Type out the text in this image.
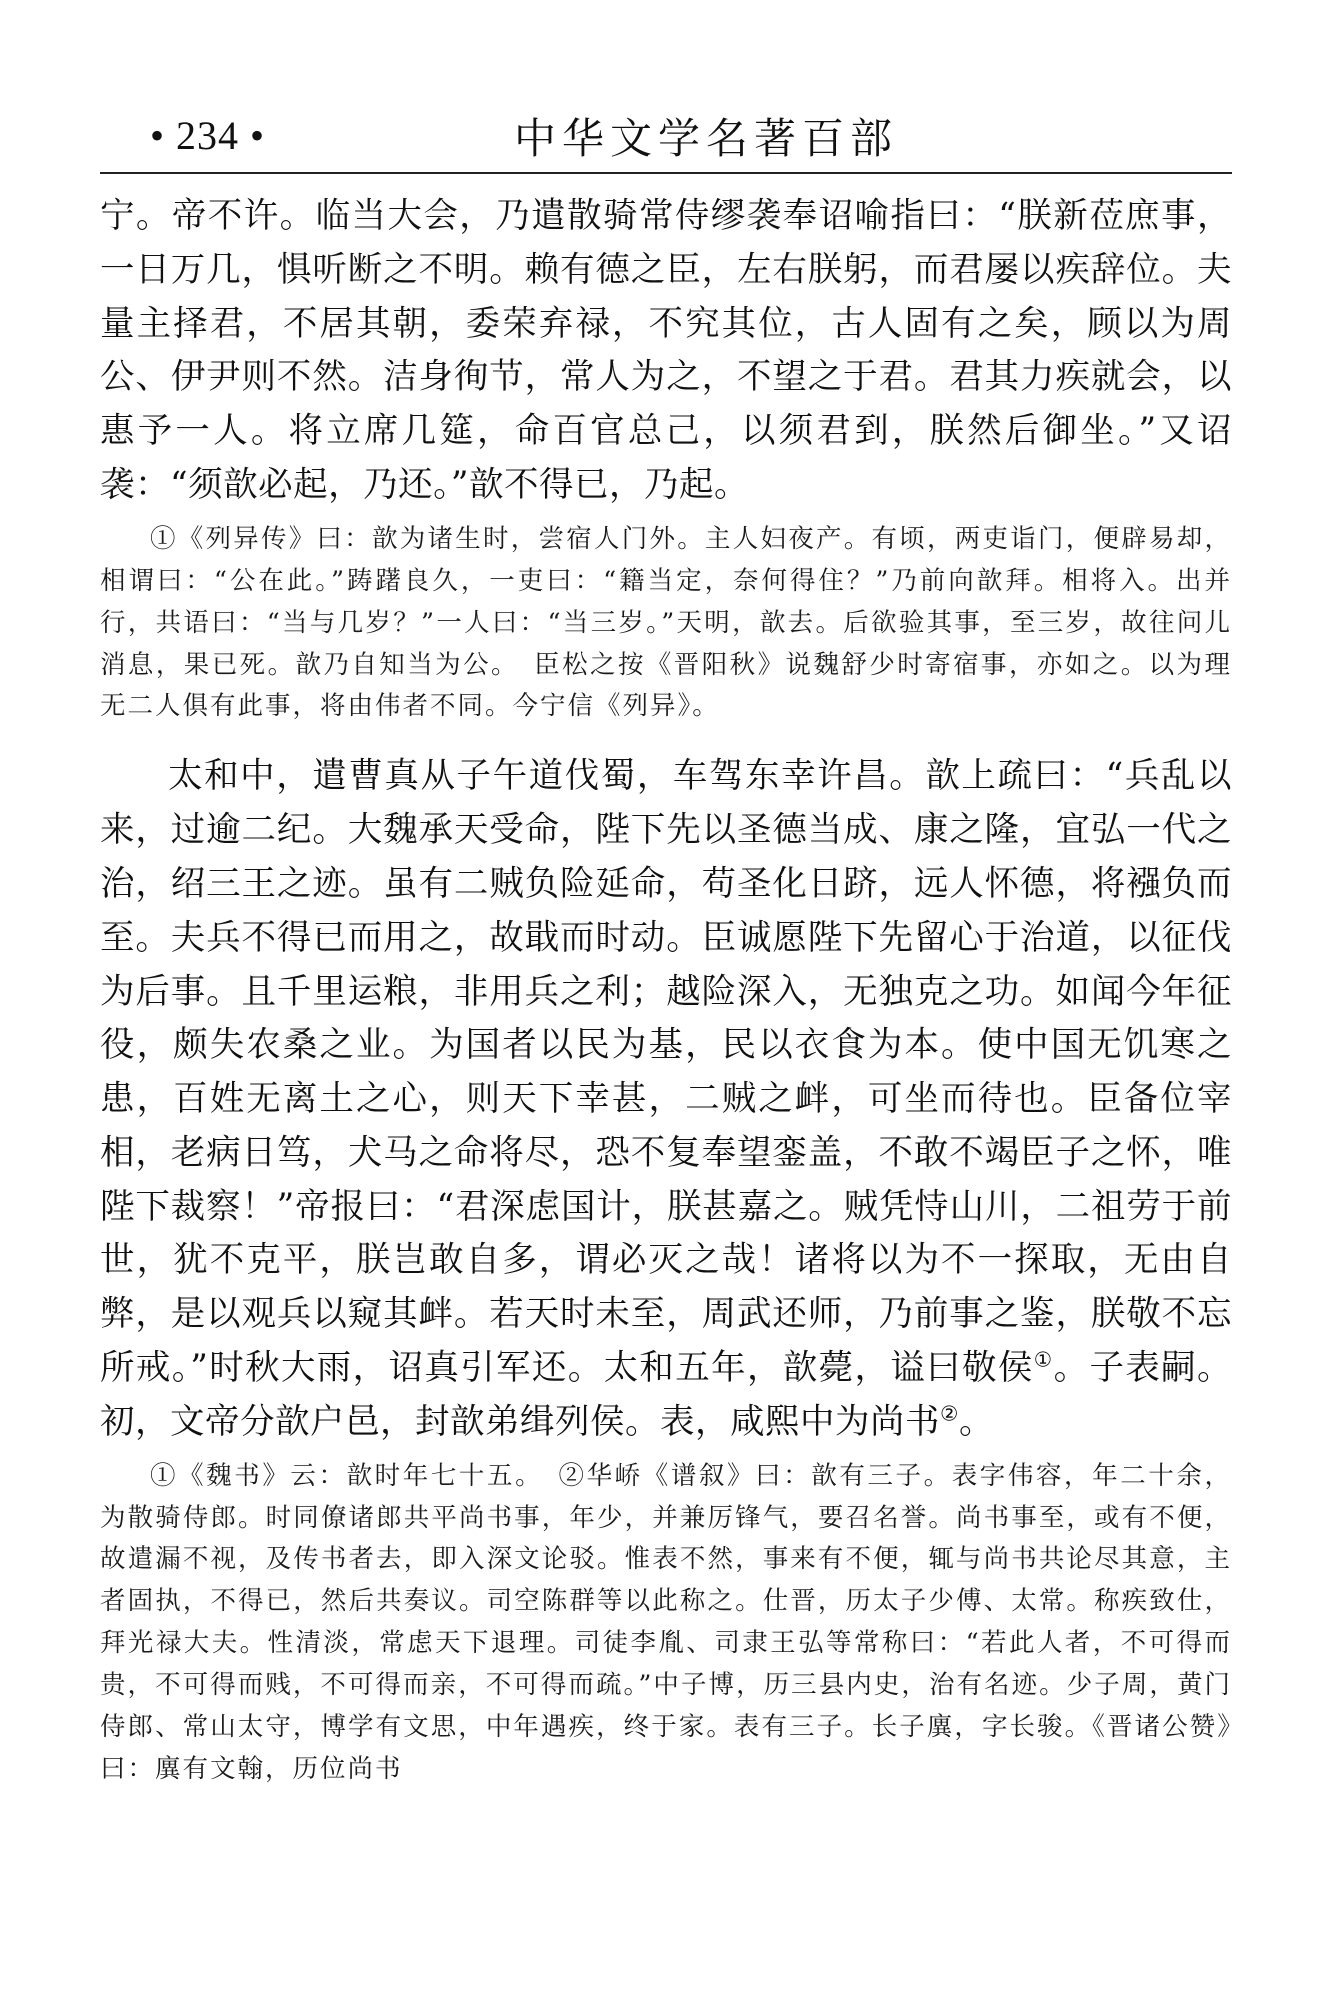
• 234 •	中华文学名著百部

宁。帝不许。临当大会，乃遣散骑常侍缪袭奉诏喻指曰：“朕新莅庶事，一日万几，惧听断之不明。赖有德之臣，左右朕躬，而君屡以疾辞位。夫量主择君，不居其朝，委荣弃禄，不究其位，古人固有之矣，顾以为周公、伊尹则不然。洁身徇节，常人为之，不望之于君。君其力疾就会，以惠予一人。将立席几筵，命百官总己，以须君到，朕然后御坐。”又诏袭：“须歆必起，乃还。”歆不得已，乃起。

①《列异传》曰：歆为诸生时，尝宿人门外。主人妇夜产。有顷，两吏诣门，便辟易却，相谓曰：“公在此。”踌躇良久，一吏曰：“籍当定，奈何得住？”乃前向歆拜。相将入。出并行，共语曰：“当与几岁？”一人曰：“当三岁。”天明，歆去。后欲验其事，至三岁，故往问儿消息，果已死。歆乃自知当为公。　臣松之按《晋阳秋》说魏舒少时寄宿事，亦如之。以为理无二人俱有此事，将由伟者不同。今宁信《列异》。

太和中，遣曹真从子午道伐蜀，车驾东幸许昌。歆上疏曰：“兵乱以来，过逾二纪。大魏承天受命，陛下先以圣德当成、康之隆，宜弘一代之治，绍三王之迹。虽有二贼负险延命，苟圣化日跻，远人怀德，将襁负而至。夫兵不得已而用之，故戢而时动。臣诚愿陛下先留心于治道，以征伐为后事。且千里运粮，非用兵之利；越险深入，无独克之功。如闻今年征役，颇失农桑之业。为国者以民为基，民以衣食为本。使中国无饥寒之患，百姓无离土之心，则天下幸甚，二贼之衅，可坐而待也。臣备位宰相，老病日笃，犬马之命将尽，恐不复奉望銮盖，不敢不竭臣子之怀，唯陛下裁察！”帝报曰：“君深虑国计，朕甚嘉之。贼凭恃山川，二祖劳于前世，犹不克平，朕岂敢自多，谓必灭之哉！诸将以为不一探取，无由自弊，是以观兵以窥其衅。若天时未至，周武还师，乃前事之鉴，朕敬不忘所戒。”时秋大雨，诏真引军还。太和五年，歆薨，谥曰敬侯①。子表嗣。初，文帝分歆户邑，封歆弟缉列侯。表，咸熙中为尚书②。

①《魏书》云：歆时年七十五。　②华峤《谱叙》曰：歆有三子。表字伟容，年二十余，为散骑侍郎。时同僚诸郎共平尚书事，年少，并兼厉锋气，要召名誉。尚书事至，或有不便，故遣漏不视，及传书者去，即入深文论驳。惟表不然，事来有不便，辄与尚书共论尽其意，主者固执，不得已，然后共奏议。司空陈群等以此称之。仕晋，历太子少傅、太常。称疾致仕，拜光禄大夫。性清淡，常虑天下退理。司徒李胤、司隶王弘等常称曰：“若此人者，不可得而贵，不可得而贱，不可得而亲，不可得而疏。”中子博，历三县内史，治有名迹。少子周，黄门侍郎、常山太守，博学有文思，中年遇疾，终于家。表有三子。长子廙，字长骏。《晋诸公赞》曰：廙有文翰，历位尚书
